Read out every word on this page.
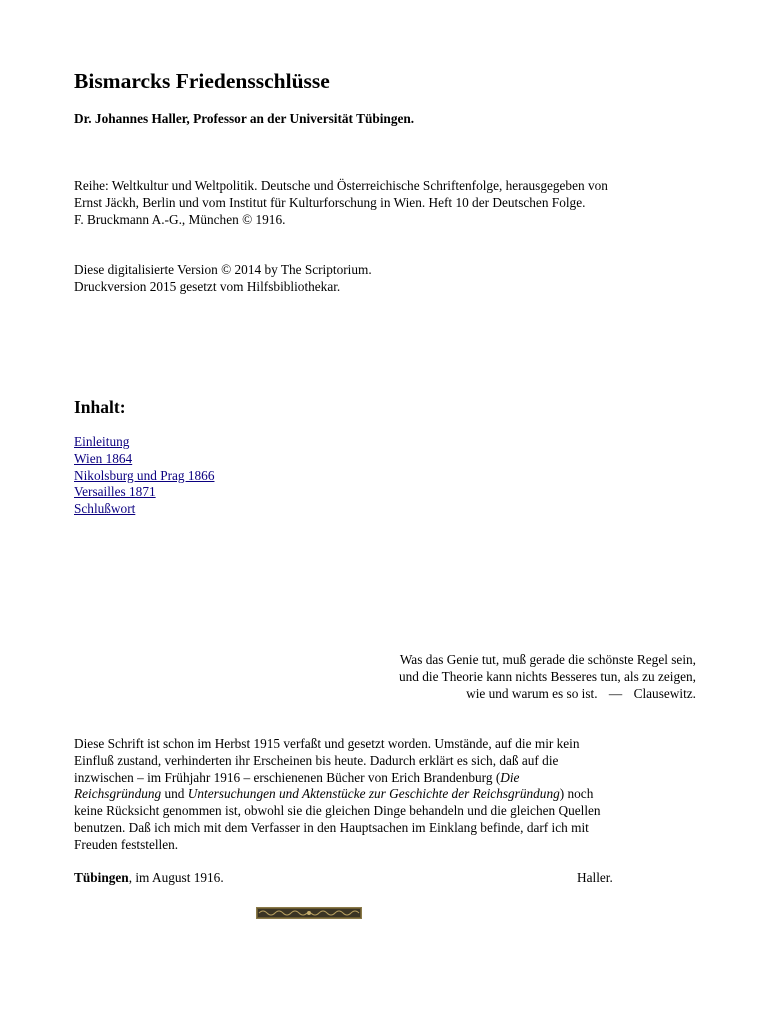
Bismarcks Friedensschlüsse

Dr. Johannes Haller, Professor an der Universität Tübingen.

Reihe: Weltkultur und Weltpolitik. Deutsche und Österreichische Schriftenfolge, herausgegeben von
Ernst Jäckh, Berlin und vom Institut für Kulturforschung in Wien. Heft 10 der Deutschen Folge.
F. Bruckmann A.-G., München © 1916.

Diese digitalisierte Version © 2014 by The Scriptorium.
Druckversion 2015 gesetzt vom Hilfsbibliothekar.

Inhalt:
Einleitung
Wien 1864
Nikolsburg und Prag 1866
Versailles 1871
Schlußwort

Was das Genie tut, muß gerade die schönste Regel sein,
und die Theorie kann nichts Besseres tun, als zu zeigen,
wie und warum es so ist. — Clausewitz.

Diese Schrift ist schon im Herbst 1915 verfaßt und gesetzt worden. Umstände, auf die mir kein
Einfluß zustand, verhinderten ihr Erscheinen bis heute. Dadurch erklärt es sich, daß auf die
inzwischen – im Frühjahr 1916 – erschienenen Bücher von Erich Brandenburg (Die
Reichsgründung und Untersuchungen und Aktenstücke zur Geschichte der Reichsgründung) noch
keine Rücksicht genommen ist, obwohl sie die gleichen Dinge behandeln und die gleichen Quellen
benutzen. Daß ich mich mit dem Verfasser in den Hauptsachen im Einklang befinde, darf ich mit
Freuden feststellen.

Tübingen, im August 1916.	Haller.
